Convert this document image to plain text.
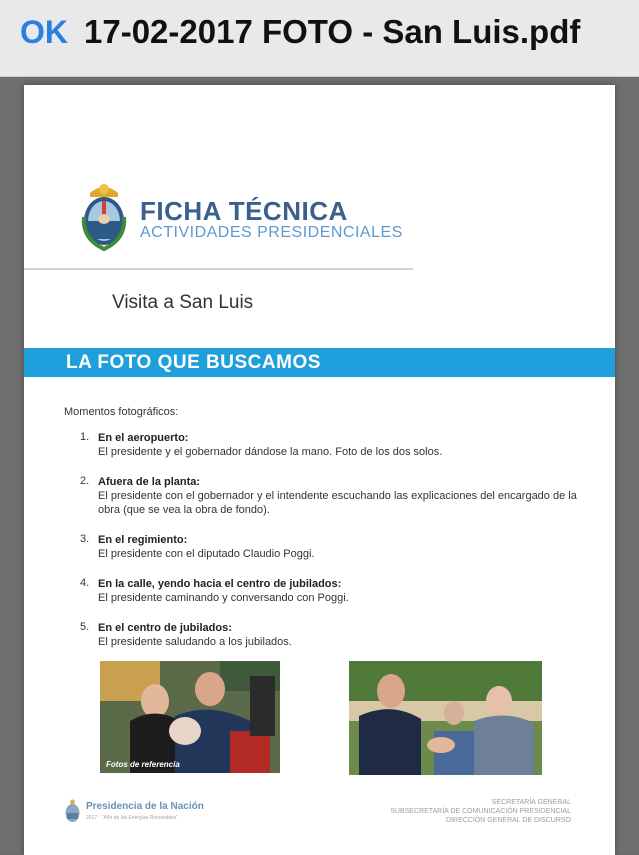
OK 17-02-2017 FOTO - San Luis.pdf
FICHA TÉCNICA
ACTIVIDADES PRESIDENCIALES
Visita a San Luis
LA FOTO QUE BUSCAMOS
Momentos fotográficos:
1. En el aeropuerto:
El presidente y el gobernador dándose la mano. Foto de los dos solos.
2. Afuera de la planta:
El presidente con el gobernador y el intendente escuchando las explicaciones del encargado de la obra (que se vea la obra de fondo).
3. En el regimiento:
El presidente con el diputado Claudio Poggi.
4. En la calle, yendo hacia el centro de jubilados:
El presidente caminando y conversando con Poggi.
5. En el centro de jubilados:
El presidente saludando a los jubilados.
Fotos de referencia
Presidencia de la Nación
2017 - "Año de las Energías Renovables"
SECRETARÍA GENERAL
SUBSECRETARÍA DE COMUNICACIÓN PRESIDENCIAL
DIRECCIÓN GENERAL DE DISCURSO
